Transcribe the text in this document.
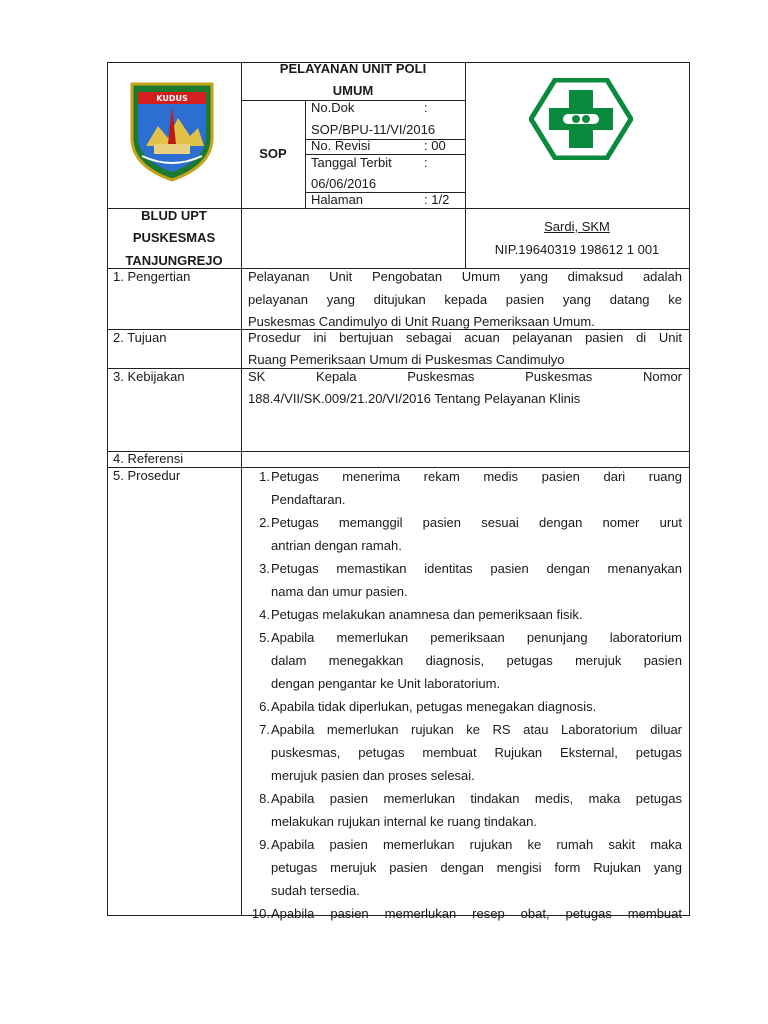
KUDUS
PELAYANAN UNIT POLI
UMUM
SOP
No.Dok	:
SOP/BPU-11/VI/2016
No. Revisi	: 00
Tanggal Terbit :
06/06/2016
Halaman	: 1/2
BLUD UPT
PUSKESMAS
TANJUNGREJO
Sardi, SKM
NIP.19640319 198612 1 001
1. Pengertian	Pelayanan Unit Pengobatan Umum yang dimaksud adalah
pelayanan yang ditujukan kepada pasien yang datang ke
Puskesmas Candimulyo di Unit Ruang Pemeriksaan Umum.
2. Tujuan	Prosedur ini bertujuan sebagai acuan pelayanan pasien di Unit
Ruang Pemeriksaan Umum di Puskesmas Candimulyo
3. Kebijakan	SK Kepala Puskesmas Puskesmas Nomor
188.4/VII/SK.009/21.20/VI/2016 Tentang Pelayanan Klinis
4. Referensi
5. Prosedur	1. Petugas menerima rekam medis pasien dari ruang
Pendaftaran.
2. Petugas memanggil pasien sesuai dengan nomer urut
antrian dengan ramah.
3. Petugas memastikan identitas pasien dengan menanyakan
nama dan umur pasien.
4. Petugas melakukan anamnesa dan pemeriksaan fisik.
5. Apabila memerlukan pemeriksaan penunjang laboratorium
dalam menegakkan diagnosis, petugas merujuk pasien
dengan pengantar ke Unit laboratorium.
6. Apabila tidak diperlukan, petugas menegakan diagnosis.
7. Apabila memerlukan rujukan ke RS atau Laboratorium diluar
puskesmas, petugas membuat Rujukan Eksternal, petugas
merujuk pasien dan proses selesai.
8. Apabila pasien memerlukan tindakan medis, maka petugas
melakukan rujukan internal ke ruang tindakan.
9. Apabila pasien memerlukan rujukan ke rumah sakit maka
petugas merujuk pasien dengan mengisi form Rujukan yang
sudah tersedia.
10. Apabila pasien memerlukan resep obat, petugas membuat
